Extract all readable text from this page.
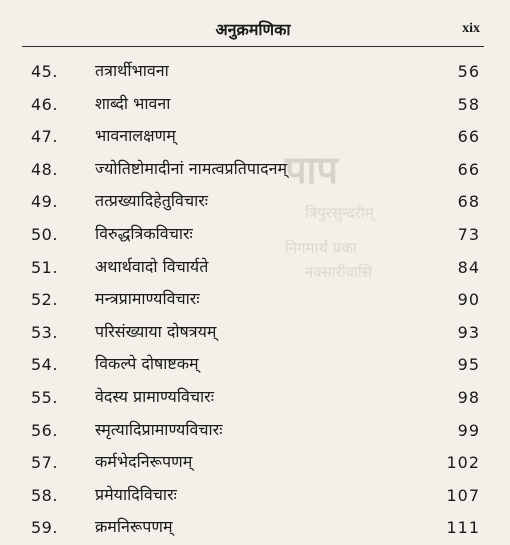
पाप
त्रिपुरसुन्दरीम्
निगमार्थ प्रका
नवसारीवासि
अनुक्रमणिका	xix
45. तत्रार्थीभावना	56
46. शाब्दी भावना	58
47. भावनालक्षणम्	66
48. ज्योतिष्टोमादीनां नामत्वप्रतिपादनम्	66
49. तत्प्रख्यादिहेतुविचारः	68
50. विरुद्धत्रिकविचारः	73
51. अथार्थवादो विचार्यते	84
52. मन्त्रप्रामाण्यविचारः	90
53. परिसंख्याया दोषत्रयम्	93
54. विकल्पे दोषाष्टकम्	95
55. वेदस्य प्रामाण्यविचारः	98
56. स्मृत्यादिप्रामाण्यविचारः	99
57. कर्मभेदनिरूपणम्	102
58. प्रमेयादिविचारः	107
59. क्रमनिरूपणम्	111
